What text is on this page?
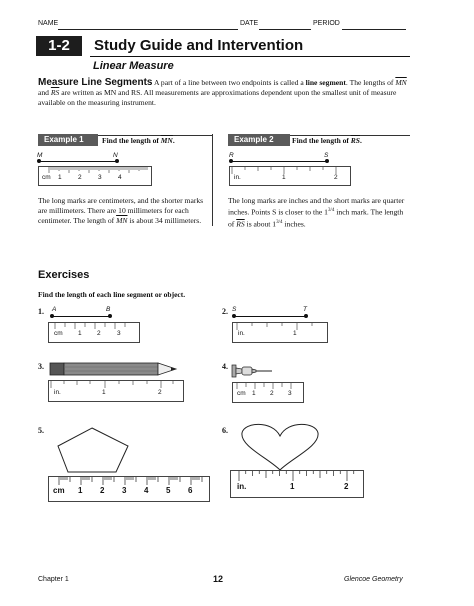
NAME	DATE	PERIOD
1-2	Study Guide and Intervention
Linear Measure
Measure Line Segments A part of a line between two endpoints is called a line segment. The lengths of $\overline{MN}$ and $\overline{RS}$ are written as MN and RS. All measurements are approximations dependent upon the smallest unit of measure available on the measuring instrument.
Example 1	Find the length of $\overline{MN}$.
M	N
cm 1	2	3	4
The long marks are centimeters, and the shorter marks are millimeters. There are 10 millimeters for each centimeter. The length of $\overline{MN}$ is about 34 millimeters.
Example 2	Find the length of $\overline{RS}$.
R	S
in.	1	2
The long marks are inches and the short marks are quarter inches. Points S is closer to the $1^{3/4}$ inch mark. The length of $\overline{RS}$ is about $1^{3/4}$ inches.
Exercises
Find the length of each line segment or object.
1. A	B
cm 1 2	3
2. S	T
in.	1
3.
in.	1	2
4.
cm 1 2 3
5.
cm 1 2 3 4 5 6
6.
in.	1	2
Chapter 1	12	Glencoe Geometry
